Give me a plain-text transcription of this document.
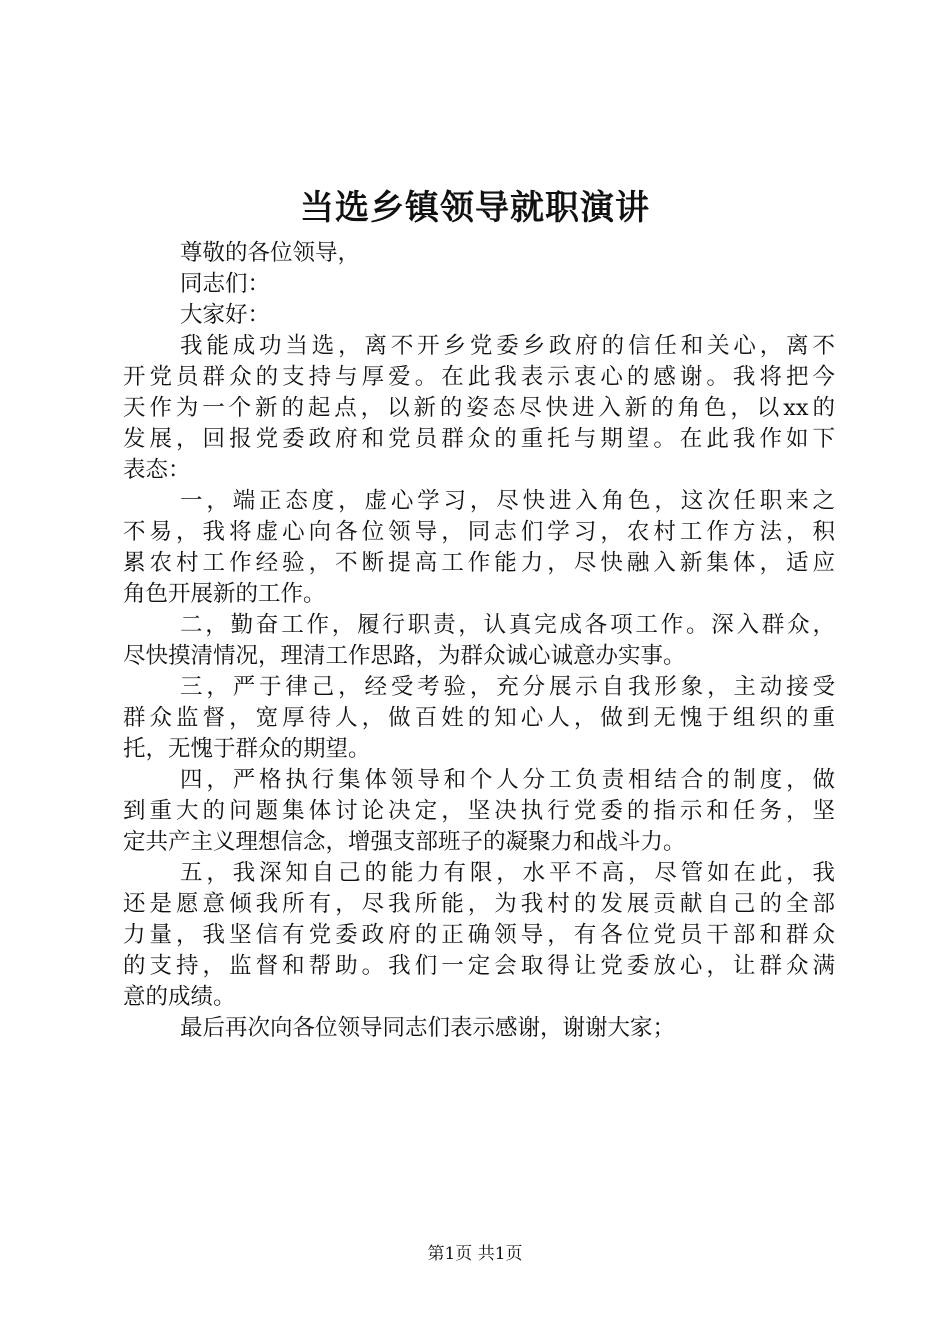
当选乡镇领导就职演讲
尊敬的各位领导，
同志们：
大家好：
我能成功当选，离不开乡党委乡政府的信任和关心，离不
开党员群众的支持与厚爱。在此我表示衷心的感谢。我将把今
天作为一个新的起点，以新的姿态尽快进入新的角色，以xx的
发展，回报党委政府和党员群众的重托与期望。在此我作如下
表态：
一，端正态度，虚心学习，尽快进入角色，这次任职来之
不易，我将虚心向各位领导，同志们学习，农村工作方法，积
累农村工作经验，不断提高工作能力，尽快融入新集体，适应
角色开展新的工作。
二，勤奋工作，履行职责，认真完成各项工作。深入群众，
尽快摸清情况，理清工作思路，为群众诚心诚意办实事。
三，严于律己，经受考验，充分展示自我形象，主动接受
群众监督，宽厚待人，做百姓的知心人，做到无愧于组织的重
托，无愧于群众的期望。
四，严格执行集体领导和个人分工负责相结合的制度，做
到重大的问题集体讨论决定，坚决执行党委的指示和任务，坚
定共产主义理想信念，增强支部班子的凝聚力和战斗力。
五，我深知自己的能力有限，水平不高，尽管如在此，我
还是愿意倾我所有，尽我所能，为我村的发展贡献自己的全部
力量，我坚信有党委政府的正确领导，有各位党员干部和群众
的支持，监督和帮助。我们一定会取得让党委放心，让群众满
意的成绩。
最后再次向各位领导同志们表示感谢，谢谢大家；
第1页 共1页
